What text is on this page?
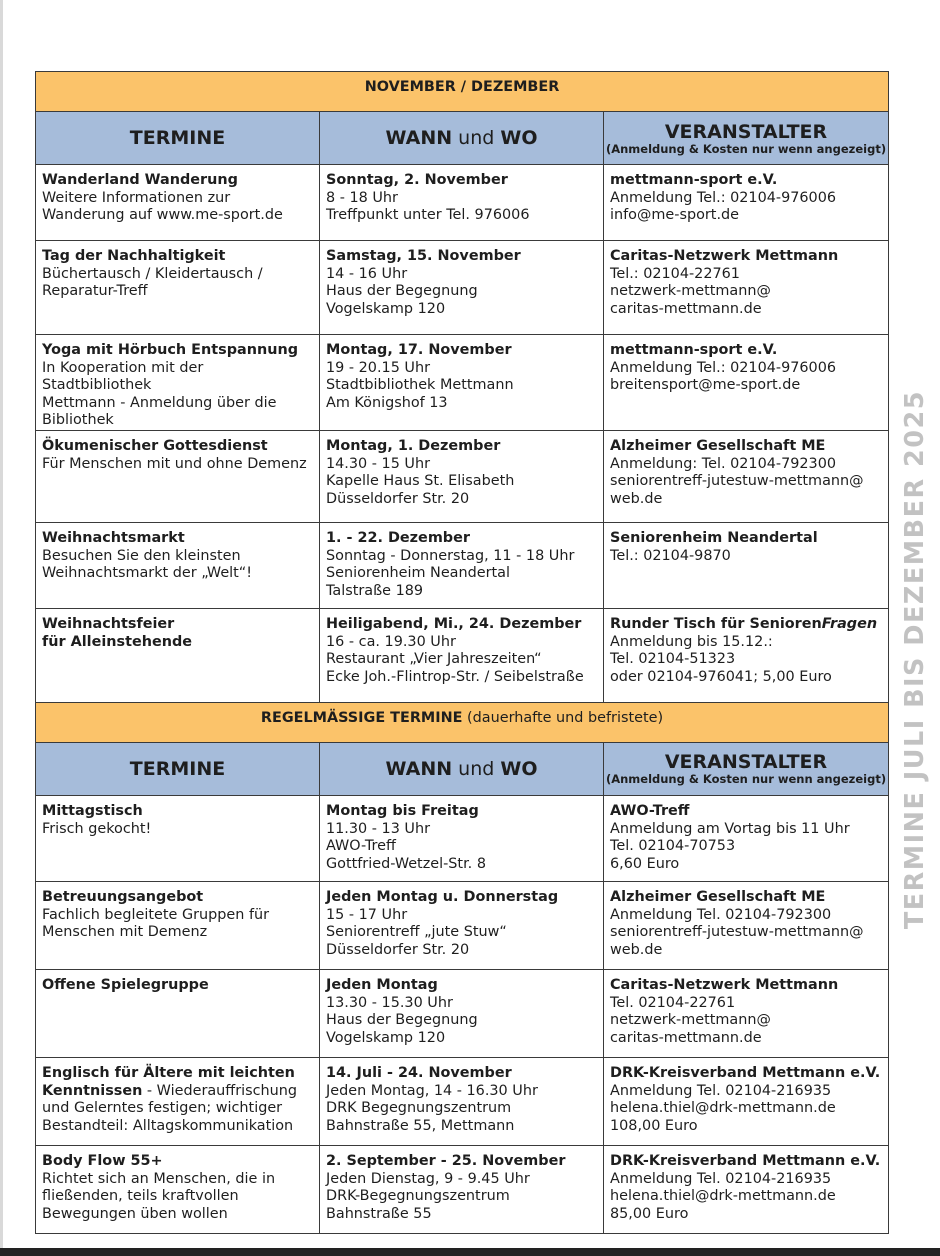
NOVEMBER / DEZEMBER		

TERMINE	WANN und WO	VERANSTALTER
(Anmeldung & Kosten nur wenn angezeigt)

Wanderland Wanderung
Weitere Informationen zur
Wanderung auf www.me-sport.de	Sonntag, 2. November
8 - 18 Uhr
Treffpunkt unter Tel. 976006	mettmann-sport e.V.
Anmeldung Tel.: 02104-976006
info@me-sport.de

Tag der Nachhaltigkeit
Büchertausch / Kleidertausch /
Reparatur-Treff	Samstag, 15. November
14 - 16 Uhr
Haus der Begegnung
Vogelskamp 120	Caritas-Netzwerk Mettmann
Tel.: 02104-22761
netzwerk-mettmann@
caritas-mettmann.de

Yoga mit Hörbuch Entspannung
In Kooperation mit der Stadtbibliothek
Mettmann - Anmeldung über die
Bibliothek	Montag, 17. November
19 - 20.15 Uhr
Stadtbibliothek Mettmann
Am Königshof 13	mettmann-sport e.V.
Anmeldung Tel.: 02104-976006
breitensport@me-sport.de

Ökumenischer Gottesdienst
Für Menschen mit und ohne Demenz	Montag, 1. Dezember
14.30 - 15 Uhr
Kapelle Haus St. Elisabeth
Düsseldorfer Str. 20	Alzheimer Gesellschaft ME
Anmeldung: Tel. 02104-792300
seniorentreff-jutestuw-mettmann@
web.de

Weihnachtsmarkt
Besuchen Sie den kleinsten
Weihnachtsmarkt der „Welt“!	1. - 22. Dezember
Sonntag - Donnerstag, 11 - 18 Uhr
Seniorenheim Neandertal
Talstraße 189	Seniorenheim Neandertal
Tel.: 02104-9870

Weihnachtsfeier
für Alleinstehende	Heiligabend, Mi., 24. Dezember
16 - ca. 19.30 Uhr
Restaurant „Vier Jahreszeiten“
Ecke Joh.-Flintrop-Str. / Seibelstraße	Runder Tisch für SeniorenFragen
Anmeldung bis 15.12.:
Tel. 02104-51323
oder 02104-976041; 5,00 Euro

REGELMÄSSIGE TERMINE (dauerhafte und befristete)		

TERMINE	WANN und WO	VERANSTALTER
(Anmeldung & Kosten nur wenn angezeigt)

Mittagstisch
Frisch gekocht!	Montag bis Freitag
11.30 - 13 Uhr
AWO-Treff
Gottfried-Wetzel-Str. 8	AWO-Treff
Anmeldung am Vortag bis 11 Uhr
Tel. 02104-70753
6,60 Euro

Betreuungsangebot
Fachlich begleitete Gruppen für
Menschen mit Demenz	Jeden Montag u. Donnerstag
15 - 17 Uhr
Seniorentreff „jute Stuw“
Düsseldorfer Str. 20	Alzheimer Gesellschaft ME
Anmeldung Tel. 02104-792300
seniorentreff-jutestuw-mettmann@
web.de

Offene Spielegruppe	Jeden Montag
13.30 - 15.30 Uhr
Haus der Begegnung
Vogelskamp 120	Caritas-Netzwerk Mettmann
Tel. 02104-22761
netzwerk-mettmann@
caritas-mettmann.de

Englisch für Ältere mit leichten
Kenntnissen - Wiederauffrischung
und Gelerntes festigen; wichtiger
Bestandteil: Alltagskommunikation	14. Juli - 24. November
Jeden Montag, 14 - 16.30 Uhr
DRK Begegnungszentrum
Bahnstraße 55, Mettmann	DRK-Kreisverband Mettmann e.V.
Anmeldung Tel. 02104-216935
helena.thiel@drk-mettmann.de
108,00 Euro

Body Flow 55+
Richtet sich an Menschen, die in
fließenden, teils kraftvollen
Bewegungen üben wollen	2. September - 25. November
Jeden Dienstag, 9 - 9.45 Uhr
DRK-Begegnungszentrum
Bahnstraße 55	DRK-Kreisverband Mettmann e.V.
Anmeldung Tel. 02104-216935
helena.thiel@drk-mettmann.de
85,00 Euro
TERMINE JULI BIS DEZEMBER 2025
